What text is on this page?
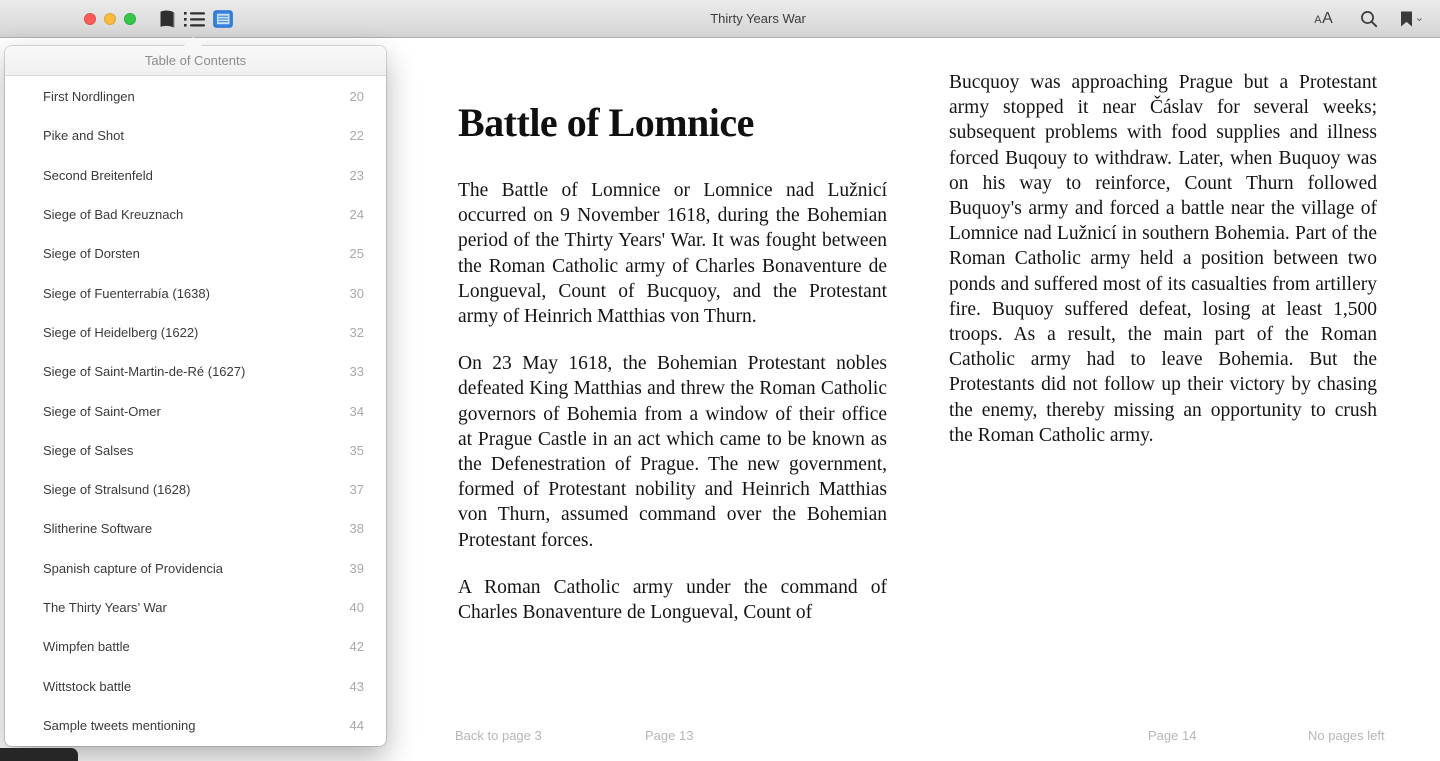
Thirty Years War	AA	⌄
Battle of Lomnice

The Battle of Lomnice or Lomnice nad Lužnicí occurred on 9 November 1618, during the Bohemian period of the Thirty Years' War. It was fought between the Roman Catholic army of Charles Bonaventure de Longueval, Count of Bucquoy, and the Protestant army of Heinrich Matthias von Thurn.

On 23 May 1618, the Bohemian Protestant nobles defeated King Matthias and threw the Roman Catholic governors of Bohemia from a window of their office at Prague Castle in an act which came to be known as the Defenestration of Prague. The new government, formed of Protestant nobility and Heinrich Matthias von Thurn, assumed command over the Bohemian Protestant forces.

A Roman Catholic army under the command of Charles Bonaventure de Longueval, Count of

Bucquoy was approaching Prague but a Protestant army stopped it near Čáslav for several weeks; subsequent problems with food supplies and illness forced Buqouy to withdraw. Later, when Buquoy was on his way to reinforce, Count Thurn followed Buquoy's army and forced a battle near the village of Lomnice nad Lužnicí in southern Bohemia. Part of the Roman Catholic army held a position between two ponds and suffered most of its casualties from artillery fire. Buquoy suffered defeat, losing at least 1,500 troops. As a result, the main part of the Roman Catholic army had to leave Bohemia. But the Protestants did not follow up their victory by chasing the enemy, thereby missing an opportunity to crush the Roman Catholic army.

Back to page 3	Page 13	Page 14	No pages left
Table of Contents
First Nordlingen	20
Pike and Shot	22
Second Breitenfeld	23
Siege of Bad Kreuznach	24
Siege of Dorsten	25
Siege of Fuenterrabía (1638)	30
Siege of Heidelberg (1622)	32
Siege of Saint-Martin-de-Ré (1627)	33
Siege of Saint-Omer	34
Siege of Salses	35
Siege of Stralsund (1628)	37
Slitherine Software	38
Spanish capture of Providencia	39
The Thirty Years’ War	40
Wimpfen battle	42
Wittstock battle	43
Sample tweets mentioning	44
